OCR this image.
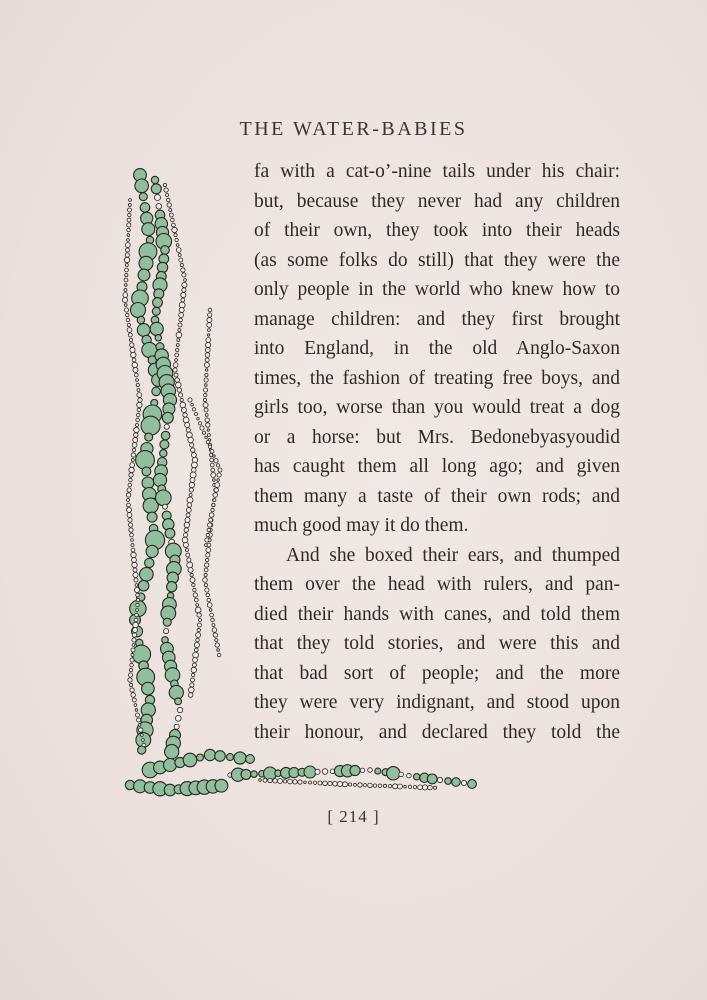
THE WATER-BABIES
fa with a cat-o’-nine tails under his chair:
but, because they never had any children
of their own, they took into their heads
(as some folks do still) that they were the
only people in the world who knew how to
manage children: and they first brought
into England, in the old Anglo-Saxon
times, the fashion of treating free boys, and
girls too, worse than you would treat a dog
or a horse: but Mrs. Bedonebyasyoudid
has caught them all long ago; and given
them many a taste of their own rods; and
much good may it do them.
And she boxed their ears, and thumped
them over the head with rulers, and pan-
died their hands with canes, and told them
that they told stories, and were this and
that bad sort of people; and the more
they were very indignant, and stood upon
their honour, and declared they told the
[ 214 ]
